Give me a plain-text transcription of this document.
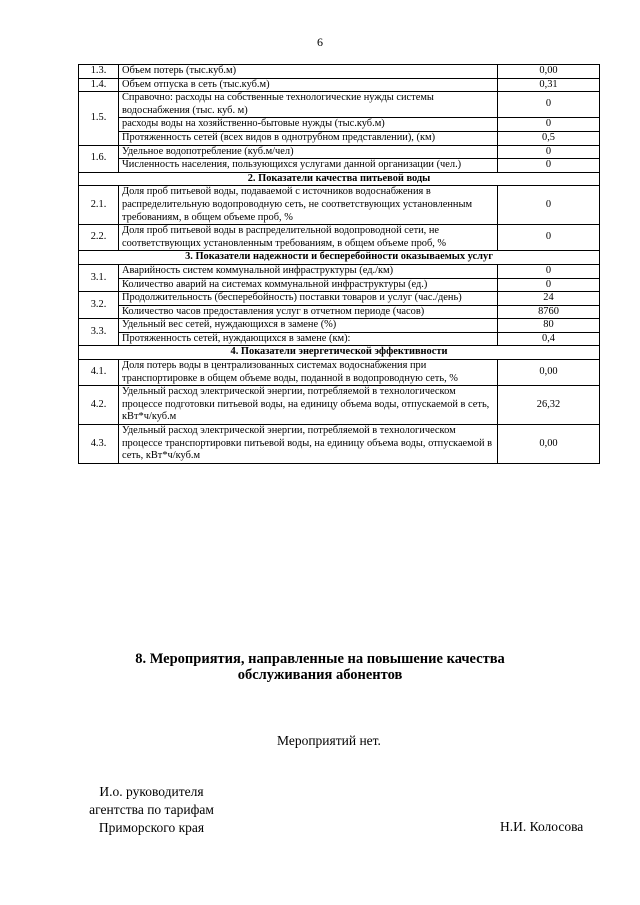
6
1.3.	Объем потерь (тыс.куб.м)	0,00
1.4.	Объем отпуска в сеть (тыс.куб.м)	0,31
1.5.	Справочно: расходы на собственные технологические нужды системы водоснабжения (тыс. куб. м)	0
	расходы воды на хозяйственно-бытовые нужды (тыс.куб.м)	0
	Протяженность сетей (всех видов в однотрубном представлении), (км)	0,5
1.6.	Удельное водопотребление (куб.м/чел)	0
	Численность населения, пользующихся услугами данной организации (чел.)	0
2. Показатели качества питьевой воды		
2.1.	Доля проб питьевой воды, подаваемой с источников водоснабжения в распределительную водопроводную сеть, не соответствующих установленным требованиям, в общем объеме проб, %	0
2.2.	Доля проб питьевой воды в распределительной водопроводной сети, не соответствующих установленным требованиям, в общем объеме проб, %	0
3. Показатели надежности и бесперебойности оказываемых услуг		
3.1.	Аварийность систем коммунальной инфраструктуры (ед./км)	0
	Количество аварий на системах коммунальной инфраструктуры (ед.)	0
3.2.	Продолжительность (бесперебойность) поставки товаров и услуг (час./день)	24
	Количество часов предоставления услуг в отчетном периоде (часов)	8760
3.3.	Удельный вес сетей, нуждающихся в замене (%)	80
	Протяженность сетей, нуждающихся в замене (км):	0,4
4. Показатели энергетической эффективности		
4.1.	Доля потерь воды в централизованных системах водоснабжения при транспортировке в общем объеме воды, поданной в водопроводную сеть, %	0,00
4.2.	Удельный расход электрической энергии, потребляемой в технологическом процессе подготовки питьевой воды, на единицу объема воды, отпускаемой в сеть, кВт*ч/куб.м	26,32
4.3.	Удельный расход электрической энергии, потребляемой в технологическом процессе транспортировки питьевой воды, на единицу объема воды, отпускаемой в сеть, кВт*ч/куб.м	0,00
8. Мероприятия, направленные на повышение качества
обслуживания абонентов
Мероприятий нет.
И.о. руководителя
агентства по тарифам
Приморского края	Н.И. Колосова
